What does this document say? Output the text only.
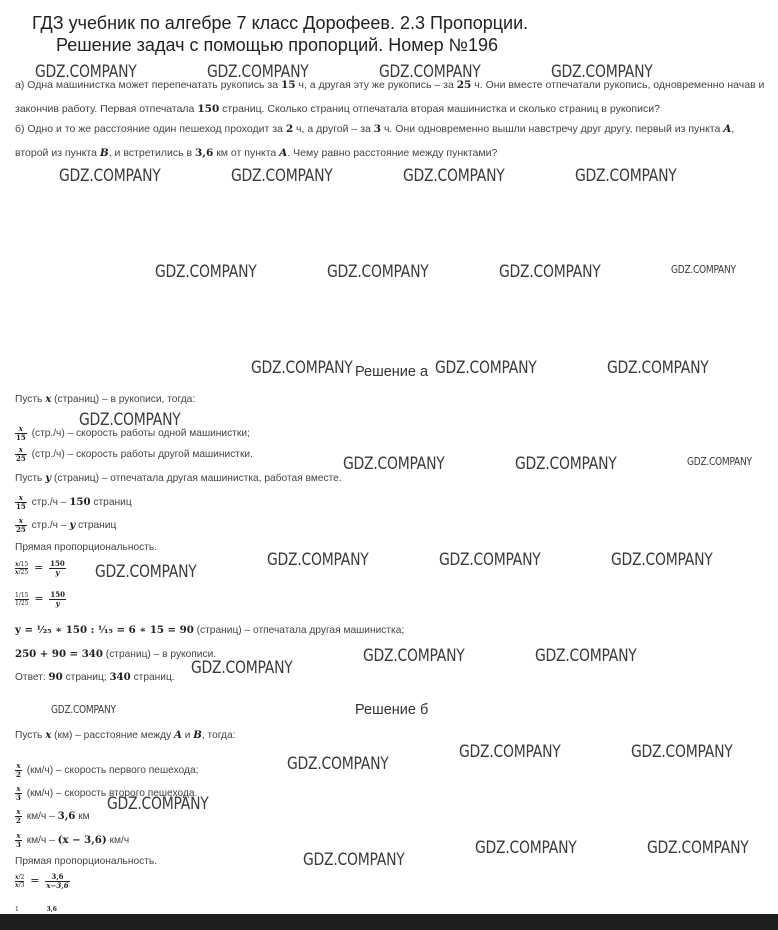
ГДЗ учебник по алгебре 7 класс Дорофеев. 2.3 Пропорции.
Решение задач с помощью пропорций. Номер №196
а) Одна машинистка может перепечатать рукопись за 15 ч, а другая эту же рукопись – за 25 ч. Они вместе отпечатали рукопись, одновременно начав и закончив работу. Первая отпечатала 150 страниц. Сколько страниц отпечатала вторая машинистка и сколько страниц в рукописи?
б) Одно и то же расстояние один пешеход проходит за 2 ч, а другой – за 3 ч. Они одновременно вышли навстречу друг другу, первый из пункта A, второй из пункта B, и встретились в 3,6 км от пункта A. Чему равно расстояние между пунктами?
Решение а
Пусть x (страниц) – в рукописи, тогда:
$\frac{x}{15} (стр./ч)$ – скорость работы одной машинистки;
$\frac{x}{25} (стр./ч)$ – скорость работы другой машинистки.
Пусть y (страниц) – отпечатала другая машинистка, работая вместе.
$\frac{x}{15} стр./ч - 150$ страниц
$\frac{x}{25} стр./ч$ – y страниц
Прямая пропорциональность.
$\frac{x/15}{x/25} = \frac{150}{y}$
$\frac{1/15}{1/25} = \frac{150}{y}$
y = ¹⁄₂₅ ∗ 150 : ¹⁄₁₅ = 6 ∗ 15 = 90 (страниц) – отпечатала другая машинистка;
250 + 90 = 340 (страниц) – в рукописи.
Ответ: 90 страниц; 340 страниц.
Решение б
Пусть x (км) – расстояние между A и B, тогда:
$\frac{x}{2} (км/ч)$ – скорость первого пешехода;
$\frac{x}{3} (км/ч)$ – скорость второго пешехода.
$\frac{x}{2} км/ч - 3,6$ км
$\frac{x}{3} км/ч - (x - 3,6)$ км/ч
Прямая пропорциональность.
$\frac{x/2}{x/3} = \frac{3,6}{x-3,6}$
1	3,6
GDZ.COMPANY	GDZ.COMPANY	GDZ.COMPANY	GDZ.COMPANY
GDZ.COMPANY	GDZ.COMPANY	GDZ.COMPANY	GDZ.COMPANY
GDZ.COMPANY	GDZ.COMPANY	GDZ.COMPANY	GDZ.COMPANY
GDZ.COMPANY	GDZ.COMPANY	GDZ.COMPANY
GDZ.COMPANY
GDZ.COMPANY	GDZ.COMPANY	GDZ.COMPANY
GDZ.COMPANY
GDZ.COMPANY	GDZ.COMPANY	GDZ.COMPANY
GDZ.COMPANY
GDZ.COMPANY	GDZ.COMPANY
GDZ.COMPANY
GDZ.COMPANY	GDZ.COMPANY
GDZ.COMPANY
GDZ.COMPANY
GDZ.COMPANY
GDZ.COMPANY	GDZ.COMPANY
